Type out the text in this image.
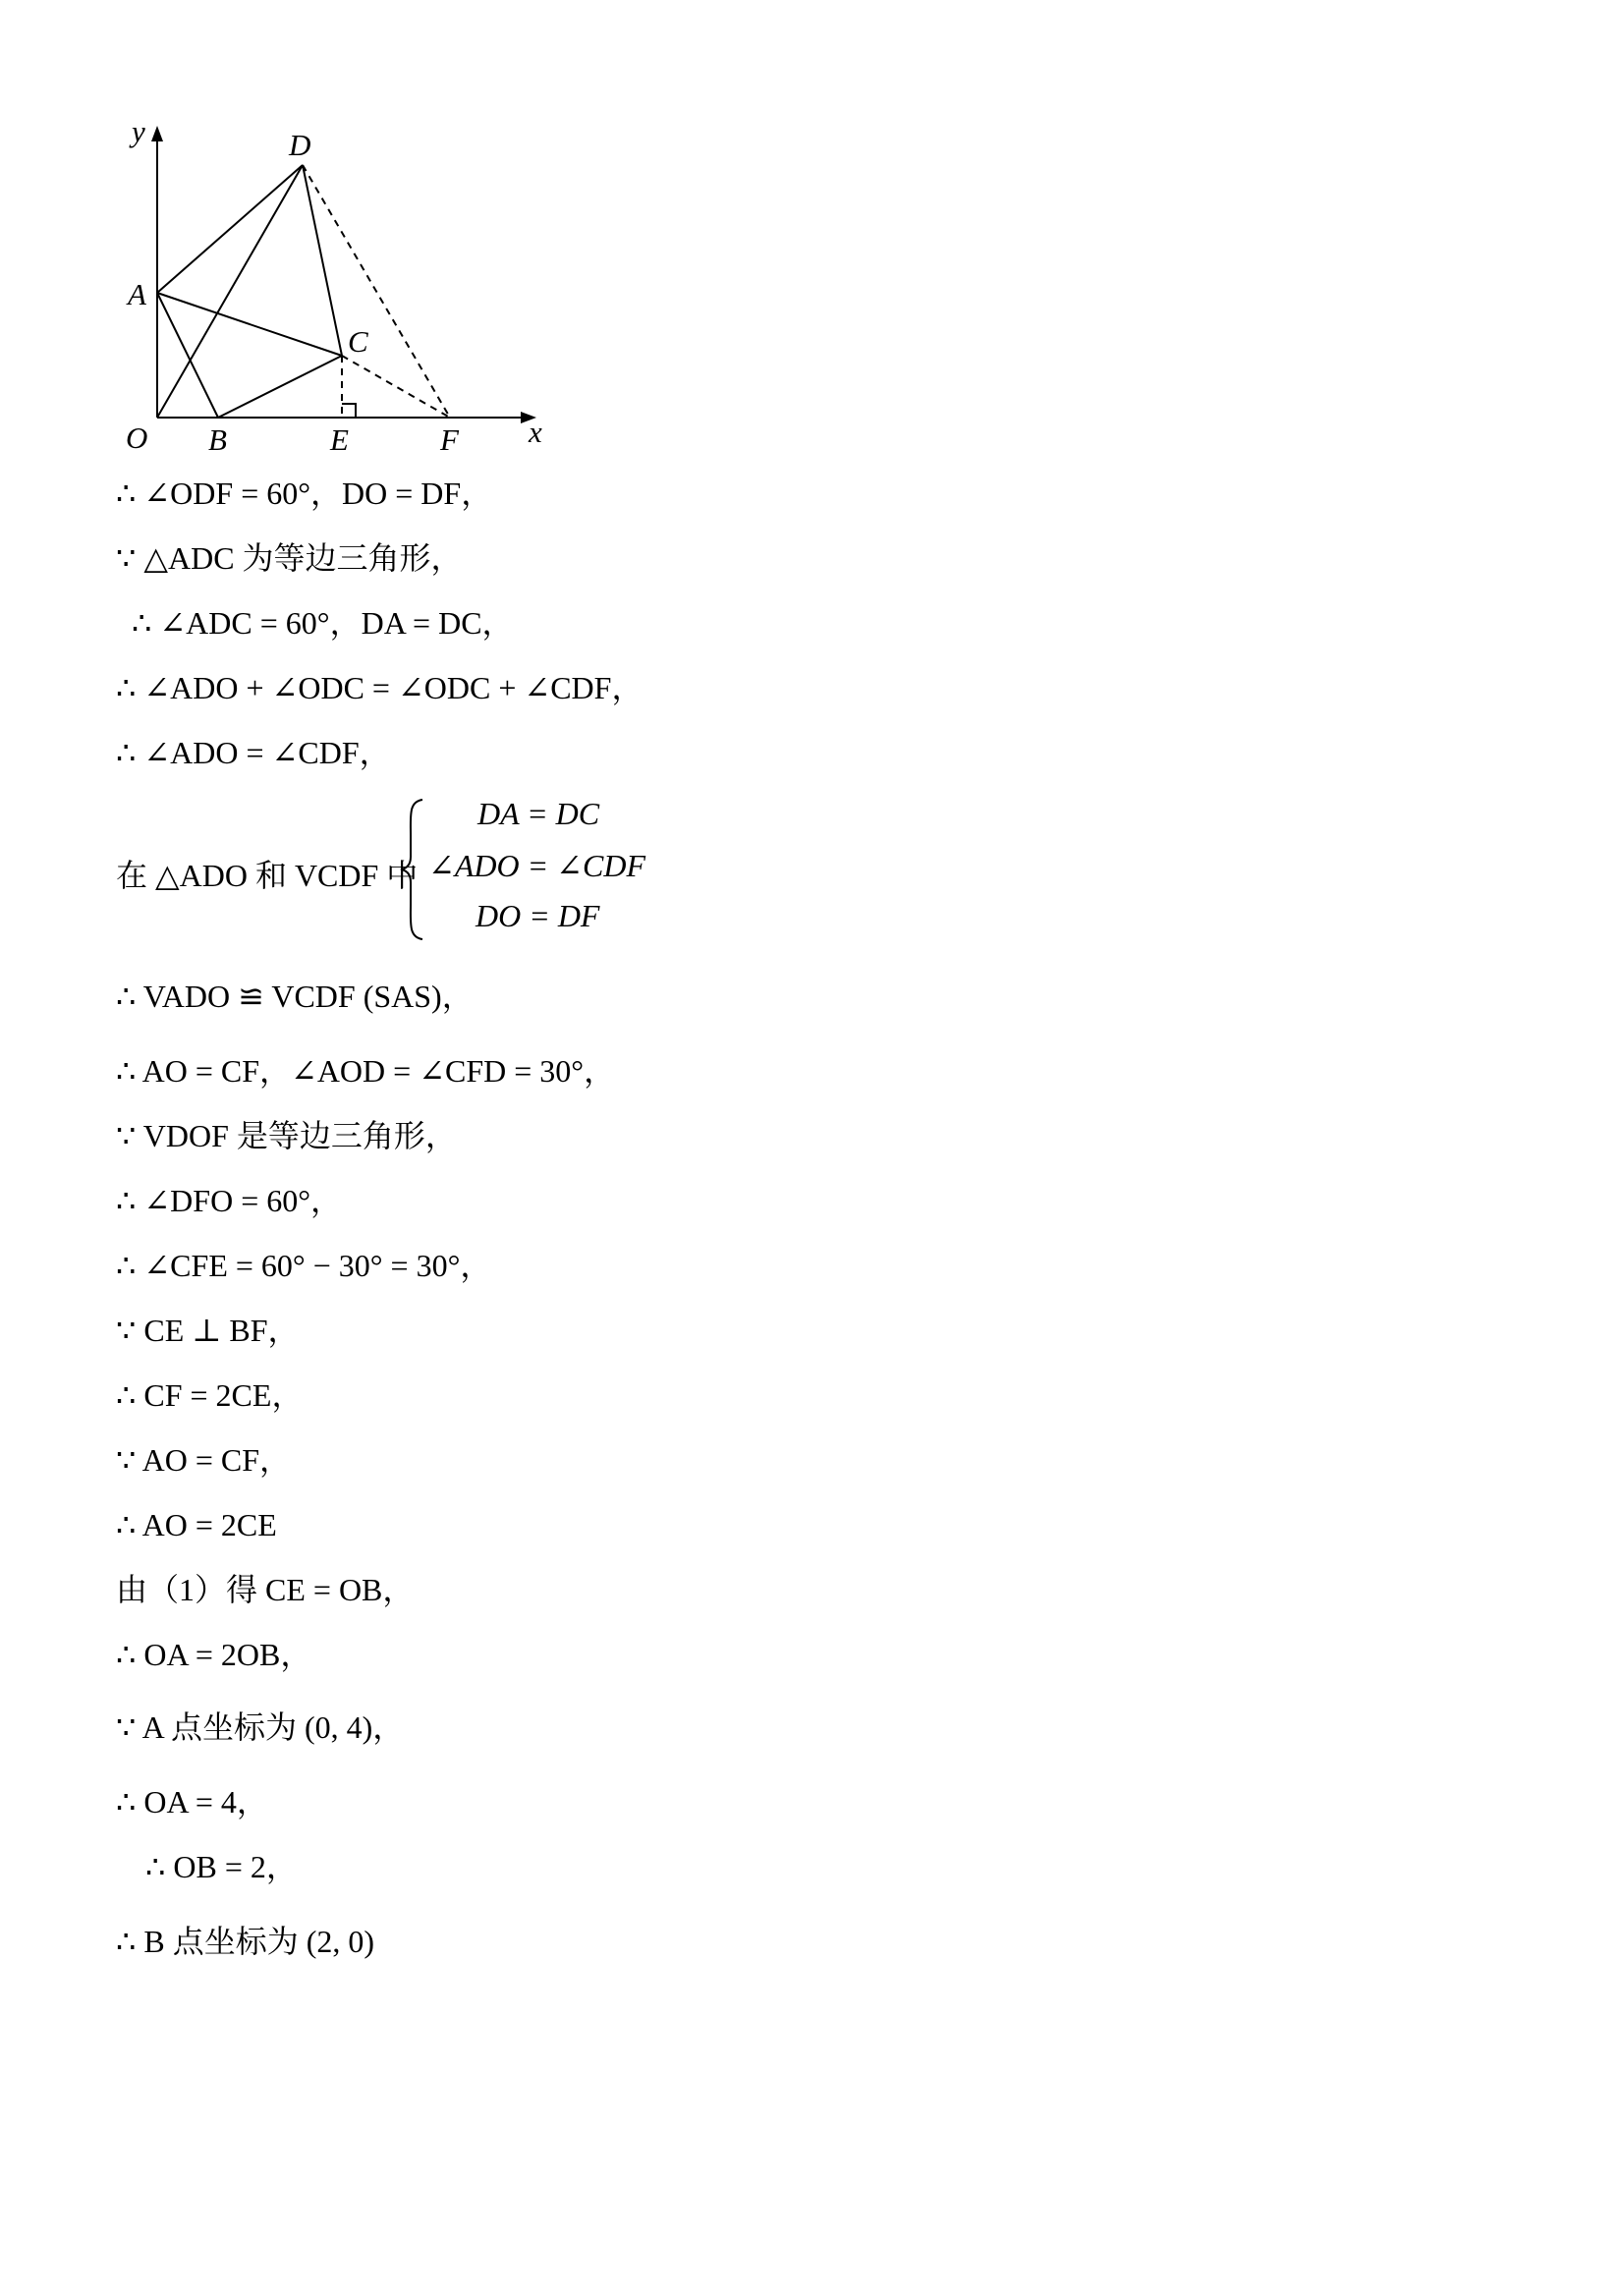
y
x
O
A
B
C
D
E	F
∴ ∠ODF = 60°，DO = DF，
∵ △ADC 为等边三角形，
∴ ∠ADC = 60°，DA = DC，
∴ ∠ADO + ∠ODC = ∠ODC + ∠CDF，
∴ ∠ADO = ∠CDF，
在 △ADO 和 VCDF 中
DA = DC
∠ADO = ∠CDF
DO = DF
∴ VADO ≌ VCDF (SAS)，
∴ AO = CF，∠AOD = ∠CFD = 30°，
∵ VDOF 是等边三角形，
∴ ∠DFO = 60°，
∴ ∠CFE = 60° − 30° = 30°，
∵ CE ⊥ BF，
∴ CF = 2CE，
∵ AO = CF，
∴ AO = 2CE
由（1）得 CE = OB，
∴ OA = 2OB，
∵ A 点坐标为 (0, 4)，
∴ OA = 4，
∴ OB = 2，
∴ B 点坐标为 (2, 0)
